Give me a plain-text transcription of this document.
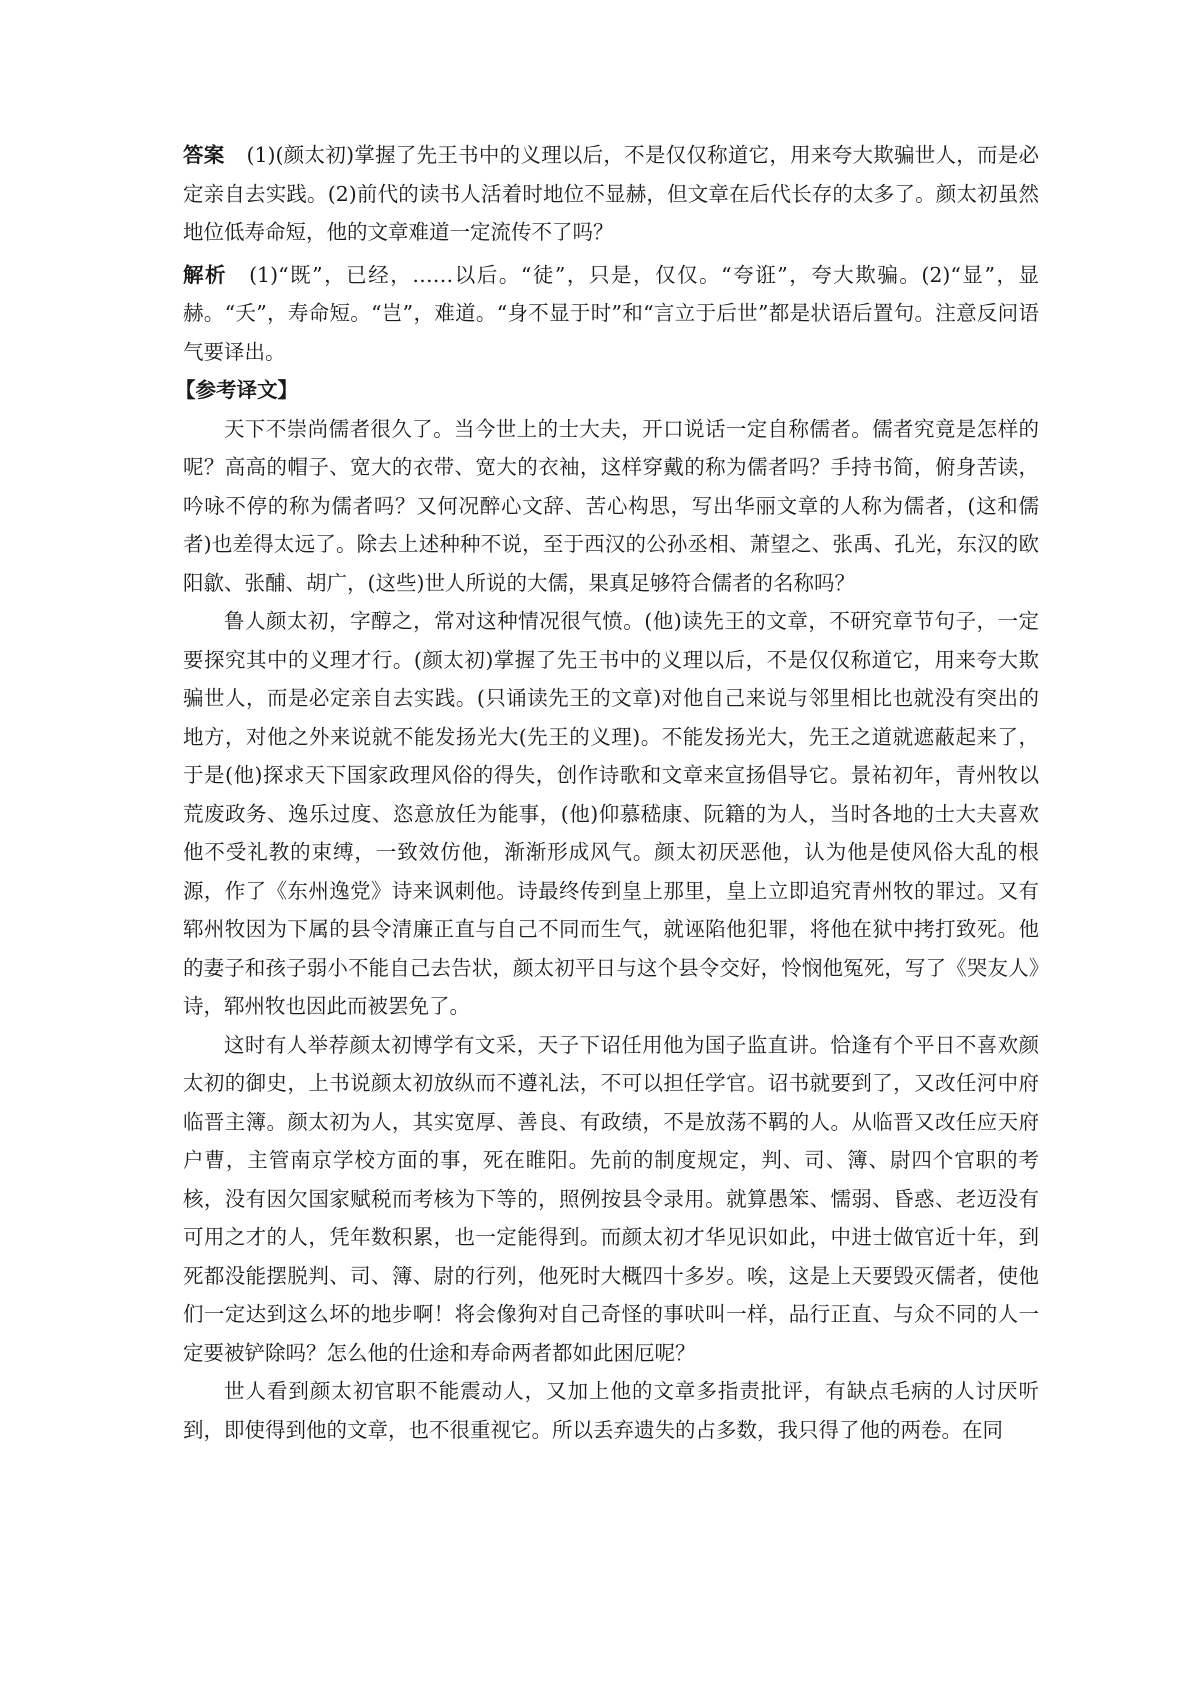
答案 (1)(颜太初)掌握了先王书中的义理以后，不是仅仅称道它，用来夸大欺骗世人，而是必定亲自去实践。(2)前代的读书人活着时地位不显赫，但文章在后代长存的太多了。颜太初虽然地位低寿命短，他的文章难道一定流传不了吗？

解析 (1)“既”，已经，……以后。“徒”，只是，仅仅。“夸诳”，夸大欺骗。(2)“显”，显赫。“夭”，寿命短。“岂”，难道。“身不显于时”和“言立于后世”都是状语后置句。注意反问语气要译出。

【参考译文】

天下不崇尚儒者很久了。当今世上的士大夫，开口说话一定自称儒者。儒者究竟是怎样的呢？高高的帽子、宽大的衣带、宽大的衣袖，这样穿戴的称为儒者吗？手持书简，俯身苦读，吟咏不停的称为儒者吗？又何况醉心文辞、苦心构思，写出华丽文章的人称为儒者，(这和儒者)也差得太远了。除去上述种种不说，至于西汉的公孙丞相、萧望之、张禹、孔光，东汉的欧阳歙、张酺、胡广，(这些)世人所说的大儒，果真足够符合儒者的名称吗？

鲁人颜太初，字醇之，常对这种情况很气愤。(他)读先王的文章，不研究章节句子，一定要探究其中的义理才行。(颜太初)掌握了先王书中的义理以后，不是仅仅称道它，用来夸大欺骗世人，而是必定亲自去实践。(只诵读先王的文章)对他自己来说与邻里相比也就没有突出的地方，对他之外来说就不能发扬光大(先王的义理)。不能发扬光大，先王之道就遮蔽起来了，于是(他)探求天下国家政理风俗的得失，创作诗歌和文章来宣扬倡导它。景祐初年，青州牧以荒废政务、逸乐过度、恣意放任为能事，(他)仰慕嵇康、阮籍的为人，当时各地的士大夫喜欢他不受礼教的束缚，一致效仿他，渐渐形成风气。颜太初厌恶他，认为他是使风俗大乱的根源，作了《东州逸党》诗来讽刺他。诗最终传到皇上那里，皇上立即追究青州牧的罪过。又有郓州牧因为下属的县令清廉正直与自己不同而生气，就诬陷他犯罪，将他在狱中拷打致死。他的妻子和孩子弱小不能自己去告状，颜太初平日与这个县令交好，怜悯他冤死，写了《哭友人》诗，郓州牧也因此而被罢免了。

这时有人举荐颜太初博学有文采，天子下诏任用他为国子监直讲。恰逢有个平日不喜欢颜太初的御史，上书说颜太初放纵而不遵礼法，不可以担任学官。诏书就要到了，又改任河中府临晋主簿。颜太初为人，其实宽厚、善良、有政绩，不是放荡不羁的人。从临晋又改任应天府户曹，主管南京学校方面的事，死在睢阳。先前的制度规定，判、司、簿、尉四个官职的考核，没有因欠国家赋税而考核为下等的，照例按县令录用。就算愚笨、懦弱、昏惑、老迈没有可用之才的人，凭年数积累，也一定能得到。而颜太初才华见识如此，中进士做官近十年，到死都没能摆脱判、司、簿、尉的行列，他死时大概四十多岁。唉，这是上天要毁灭儒者，使他们一定达到这么坏的地步啊！将会像狗对自己奇怪的事吠叫一样，品行正直、与众不同的人一定要被铲除吗？怎么他的仕途和寿命两者都如此困厄呢？

世人看到颜太初官职不能震动人，又加上他的文章多指责批评，有缺点毛病的人讨厌听到，即使得到他的文章，也不很重视它。所以丢弃遗失的占多数，我只得了他的两卷。在同
